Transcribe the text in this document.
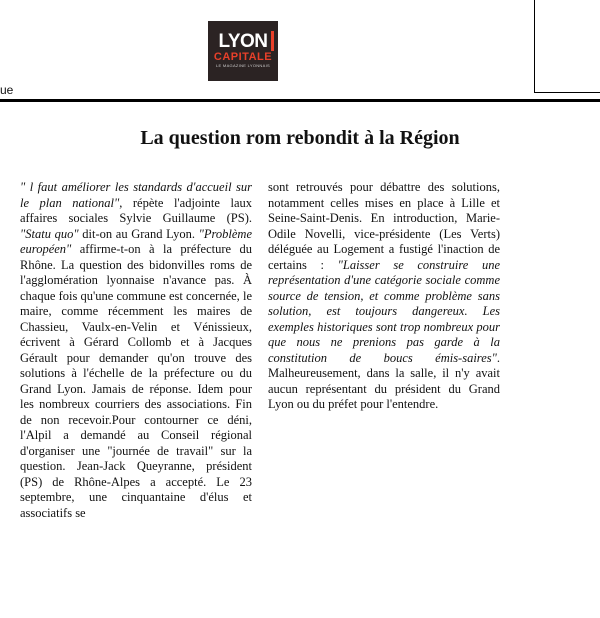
LYON
CAPITALE
LE MAGAZINE LYONNAIS
ue
La question rom rebondit à la Région

" l faut améliorer les standards d'accueil sur le plan national", répète l'adjointe laux affaires sociales Sylvie Guillaume (PS). "Statu quo" dit-on au Grand Lyon. "Problème européen" affirme-t-on à la préfecture du Rhône. La question des bidonvilles roms de l'agglomération lyonnaise n'avance pas. À chaque fois qu'une commune est concernée, le maire, comme récemment les maires de Chassieu, Vaulx-en-Velin et Vénissieux, écrivent à Gérard Collomb et à Jacques Gérault pour demander qu'on trouve des solutions à l'échelle de la préfecture ou du Grand Lyon. Jamais de réponse. Idem pour les nombreux courriers des associations. Fin de non recevoir.Pour contourner ce déni, l'Alpil a demandé au Conseil régional d'organiser une "journée de travail" sur la question. Jean-Jack Queyranne, président (PS) de Rhône-Alpes a accepté. Le 23 septembre, une cinquantaine d'élus et associatifs se

sont retrouvés pour débattre des solutions, notamment celles mises en place à Lille et Seine-Saint-Denis. En introduction, Marie-Odile Novelli, vice-présidente (Les Verts) déléguée au Logement a fustigé l'inaction de certains : "Laisser se construire une représentation d'une catégorie sociale comme source de tension, et comme problème sans solution, est toujours dangereux. Les exemples historiques sont trop nombreux pour que nous ne prenions pas garde à la constitution de boucs émis-saires". Malheureusement, dans la salle, il n'y avait aucun représentant du président du Grand Lyon ou du préfet pour l'entendre.
